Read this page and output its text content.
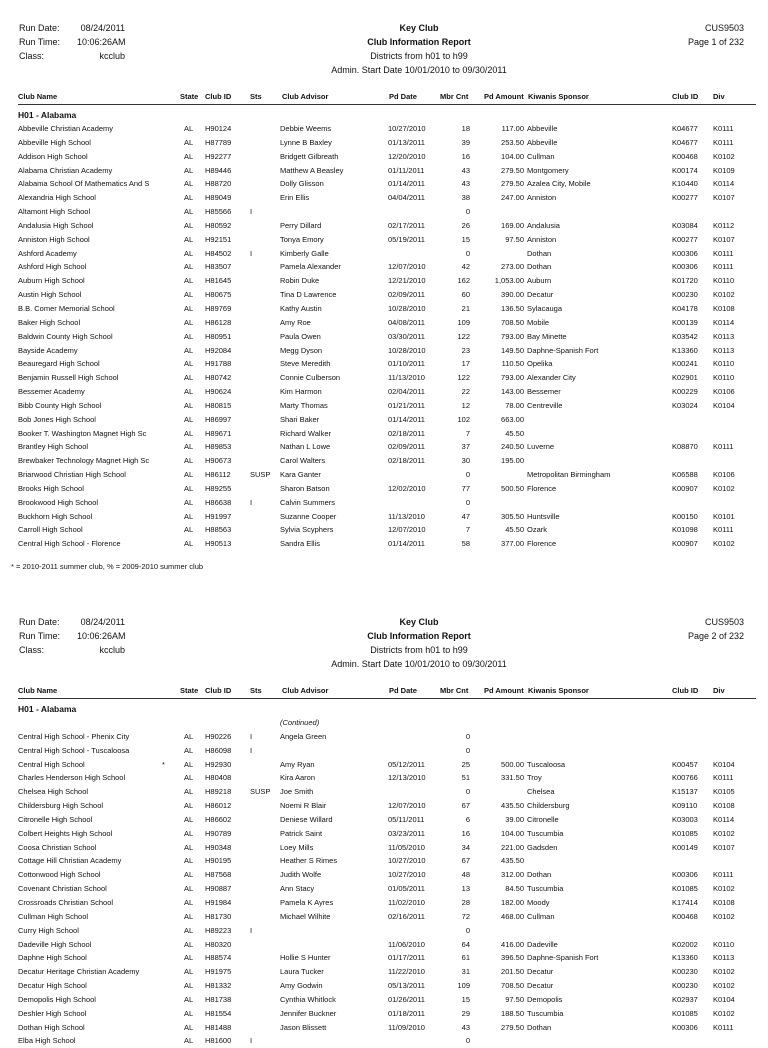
Run Date:	08/24/2011
Run Time:	10:06:26AM
Class:	kcclub
Key Club
Club Information Report
Districts from h01 to h99
Admin. Start Date 10/01/2010 to 09/30/2011
CUS9503
Page 1 of 232
Club Name	State Club ID	Sts	Club Advisor	Pd Date	Mbr Cnt Pd Amount Kiwanis Sponsor	Club ID Div
H01 - Alabama
Abbeville Christian Academy	AL H90124	Debbie Weems	10/27/2010	18	117.00 Abbeville	K04677 K0111
Abbeville High School	AL H87789	Lynne B Baxley	01/13/2011	39	253.50 Abbeville	K04677 K0111
Addison High School	AL H92277	Bridgett Gilbreath	12/20/2010	16	104.00 Cullman	K00468 K0102
Alabama Christian Academy	AL H89446	Matthew A Beasley	01/11/2011	43	279.50 Montgomery	K00174 K0109
Alabama School Of Mathematics And S	AL H88720	Dolly Glisson	01/14/2011	43	279.50 Azalea City, Mobile	K10440 K0114
Alexandria High School	AL H89049	Erin Ellis	04/04/2011	38	247.00 Anniston	K00277 K0107
Altamont High School	AL H85566 I	0
Andalusia High School	AL H80592	Perry Dillard	02/17/2011	26	169.00 Andalusia	K03084 K0112
Anniston High School	AL H92151	Tonya Emory	05/19/2011	15	97.50 Anniston	K00277 K0107
Ashford Academy	AL H84502 I	Kimberly Galle	0	Dothan	K00306 K0111
Ashford High School	AL H83507	Pamela Alexander	12/07/2010	42	273.00 Dothan	K00306 K0111
Auburn High School	AL H81645	Robin Duke	12/21/2010	162	1,053.00 Auburn	K01720 K0110
Austin High School	AL H80675	Tina D Lawrence	02/09/2011	60	390.00 Decatur	K00230 K0102
B.B. Comer Memorial School	AL H89769	Kathy Austin	10/28/2010	21	136.50 Sylacauga	K04178 K0108
Baker High School	AL H86128	Amy Roe	04/08/2011	109	708.50 Mobile	K00139 K0114
Baldwin County High School	AL H80951	Paula Owen	03/30/2011	122	793.00 Bay Minette	K03542 K0113
Bayside Academy	AL H92084	Megg Dyson	10/28/2010	23	149.50 Daphne-Spanish Fort	K13360 K0113
Beauregard High School	AL H91788	Steve Meredith	01/10/2011	17	110.50 Opelika	K00241 K0110
Benjamin Russell High School	AL H80742	Connie Culberson	11/13/2010	122	793.00 Alexander City	K02901 K0110
Bessemer Academy	AL H90624	Kim Harmon	02/04/2011	22	143.00 Bessemer	K00229 K0106
Bibb County High School	AL H80815	Marty Thomas	01/21/2011	12	78.00 Centreville	K03024 K0104
Bob Jones High School	AL H86997	Shari Baker	01/14/2011	102	663.00
Booker T. Washington Magnet High Sc	AL H89671	Richard Walker	02/18/2011	7	45.50
Brantley High School	AL H89853	Nathan L Lowe	02/09/2011	37	240.50 Luverne	K08870 K0111
Brewbaker Technology Magnet High Sc	AL H90673	Carol Walters	02/18/2011	30	195.00
Briarwood Christian High School	AL H86112	SUSP Kara Ganter	0	Metropolitan Birmingham	K06588 K0106
Brooks High School	AL H89255	Sharon Batson	12/02/2010	77	500.50 Florence	K00907 K0102
Brookwood High School	AL H86638 I	Calvin Summers	0
Buckhorn High School	AL H91997	Suzanne Cooper	11/13/2010	47	305.50 Huntsville	K00150 K0101
Carroll High School	AL H88563	Sylvia Scyphers	12/07/2010	7	45.50 Ozark	K01098 K0111
Central High School - Florence	AL H90513	Sandra Ellis	01/14/2011	58	377.00 Florence	K00907 K0102
Run Date:	08/24/2011
Run Time:	10:06:26AM
Class:	kcclub
Key Club
Club Information Report
Districts from h01 to h99
Admin. Start Date 10/01/2010 to 09/30/2011
CUS9503
Page 2 of 232
Club Name	State Club ID	Sts	Club Advisor	Pd Date	Mbr Cnt Pd Amount Kiwanis Sponsor	Club ID Div
H01 - Alabama
(Continued)
Central High School - Phenix City	AL H90226 I	Angela Green	0
Central High School - Tuscaloosa	AL H86098 I	0
Central High School	*	AL H92930	Amy Ryan	05/12/2011	25	500.00 Tuscaloosa	K00457 K0104
Charles Henderson High School	AL H80408	Kira Aaron	12/13/2010	51	331.50 Troy	K00766 K0111
Chelsea High School	AL H89218 SUSP Joe Smith	0	Chelsea	K15137 K0105
Childersburg High School	AL H86012	Noemi R Blair	12/07/2010	67	435.50 Childersburg	K09110 K0108
Citronelle High School	AL H86602	Deniese Willard	05/11/2011	6	39.00 Citronelle	K03003 K0114
Colbert Heights High School	AL H90789	Patrick Saint	03/23/2011	16	104.00 Tuscumbia	K01085 K0102
Coosa Christian School	AL H90348	Loey Mills	11/05/2010	34	221.00 Gadsden	K00149 K0107
Cottage Hill Christian Academy	AL H90195	Heather S Rimes	10/27/2010	67	435.50
Cottonwood High School	AL H87568	Judith Wolfe	10/27/2010	48	312.00 Dothan	K00306 K0111
Covenant Christian School	AL H90887	Ann Stacy	01/05/2011	13	84.50 Tuscumbia	K01085 K0102
Crossroads Christian School	AL H91984	Pamela K Ayres	11/02/2010	28	182.00 Moody	K17414 K0108
Cullman High School	AL H81730	Michael Wilhite	02/16/2011	72	468.00 Cullman	K00468 K0102
Curry High School	AL H89223 I	0
Dadeville High School	AL H80320	11/06/2010	64	416.00 Dadeville	K02002 K0110
Daphne High School	AL H88574	Hollie S Hunter	01/17/2011	61	396.50 Daphne-Spanish Fort	K13360 K0113
Decatur Heritage Christian Academy	AL H91975	Laura Tucker	11/22/2010	31	201.50 Decatur	K00230 K0102
Decatur High School	AL H81332	Amy Godwin	05/13/2011	109	708.50 Decatur	K00230 K0102
Demopolis High School	AL H81738	Cynthia Whitlock	01/26/2011	15	97.50 Demopolis	K02937 K0104
Deshler High School	AL H81554	Jennifer Buckner	01/18/2011	29	188.50 Tuscumbia	K01085 K0102
Dothan High School	AL H81488	Jason Blissett	11/09/2010	43	279.50 Dothan	K00306 K0111
Elba High School	AL H81600 I	0
* = 2010-2011 summer club, % = 2009-2010 summer club
